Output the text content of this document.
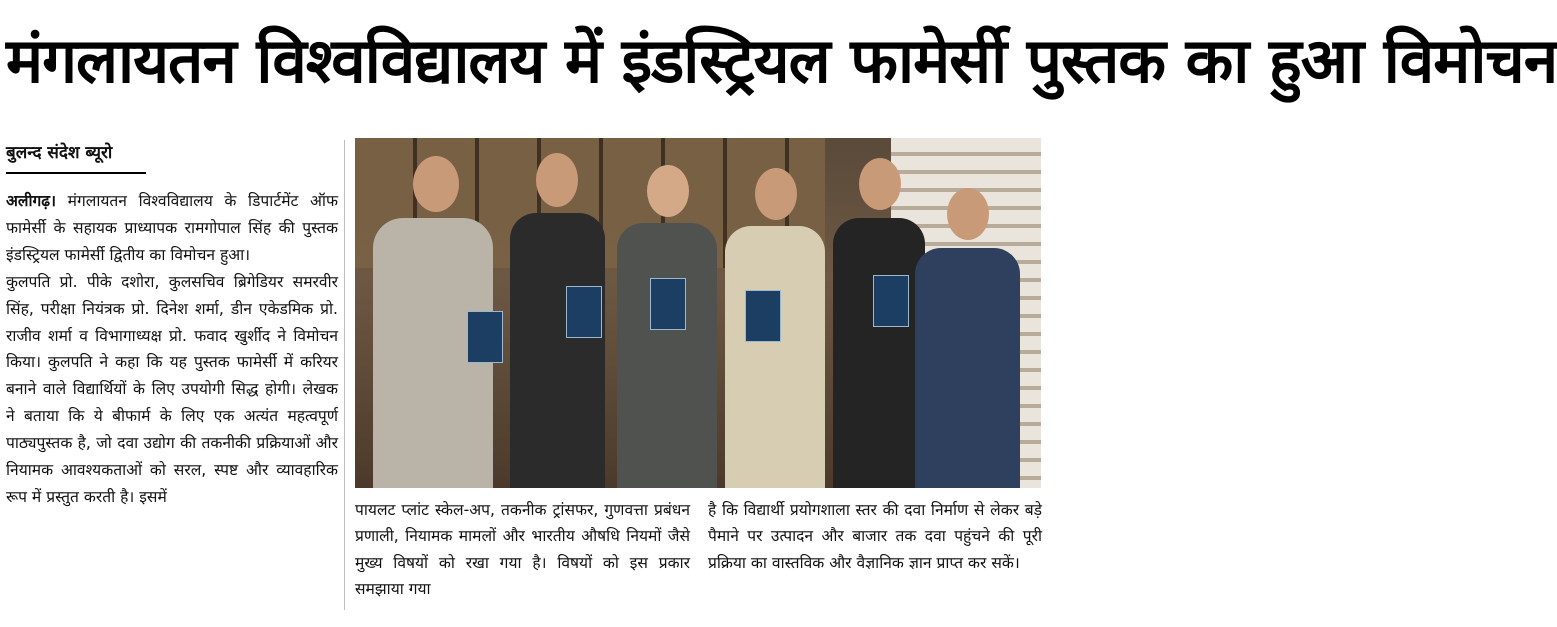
मंगलायतन विश्वविद्यालय में इंडस्ट्रियल फामेर्सी पुस्तक का हुआ विमोचन
बुलन्द संदेश ब्यूरो

अलीगढ़। मंगलायतन विश्वविद्यालय के डिपार्टमेंट ऑफ फामेर्सी के सहायक प्राध्यापक रामगोपाल सिंह की पुस्तक इंडस्ट्रियल फामेर्सी द्वितीय का विमोचन हुआ।

कुलपति प्रो. पीके दशोरा, कुलसचिव ब्रिगेडियर समरवीर सिंह, परीक्षा नियंत्रक प्रो. दिनेश शर्मा, डीन एकेडमिक प्रो. राजीव शर्मा व विभागाध्यक्ष प्रो. फवाद खुर्शीद ने विमोचन किया। कुलपति ने कहा कि यह पुस्तक फामेर्सी में करियर बनाने वाले विद्यार्थियों के लिए उपयोगी सिद्ध होगी। लेखक ने बताया कि ये बीफार्म के लिए एक अत्यंत महत्वपूर्ण पाठ्यपुस्तक है, जो दवा उद्योग की तकनीकी प्रक्रियाओं और नियामक आवश्यकताओं को सरल, स्पष्ट और व्यावहारिक रूप में प्रस्तुत करती है। इसमें

पायलट प्लांट स्केल-अप, तकनीक ट्रांसफर, गुणवत्ता प्रबंधन प्रणाली, नियामक मामलों और भारतीय औषधि नियमों जैसे मुख्य विषयों को रखा गया है। विषयों को इस प्रकार समझाया गया
है कि विद्यार्थी प्रयोगशाला स्तर की दवा निर्माण से लेकर बड़े पैमाने पर उत्पादन और बाजार तक दवा पहुंचने की पूरी प्रक्रिया का वास्तविक और वैज्ञानिक ज्ञान प्राप्त कर सकें।
